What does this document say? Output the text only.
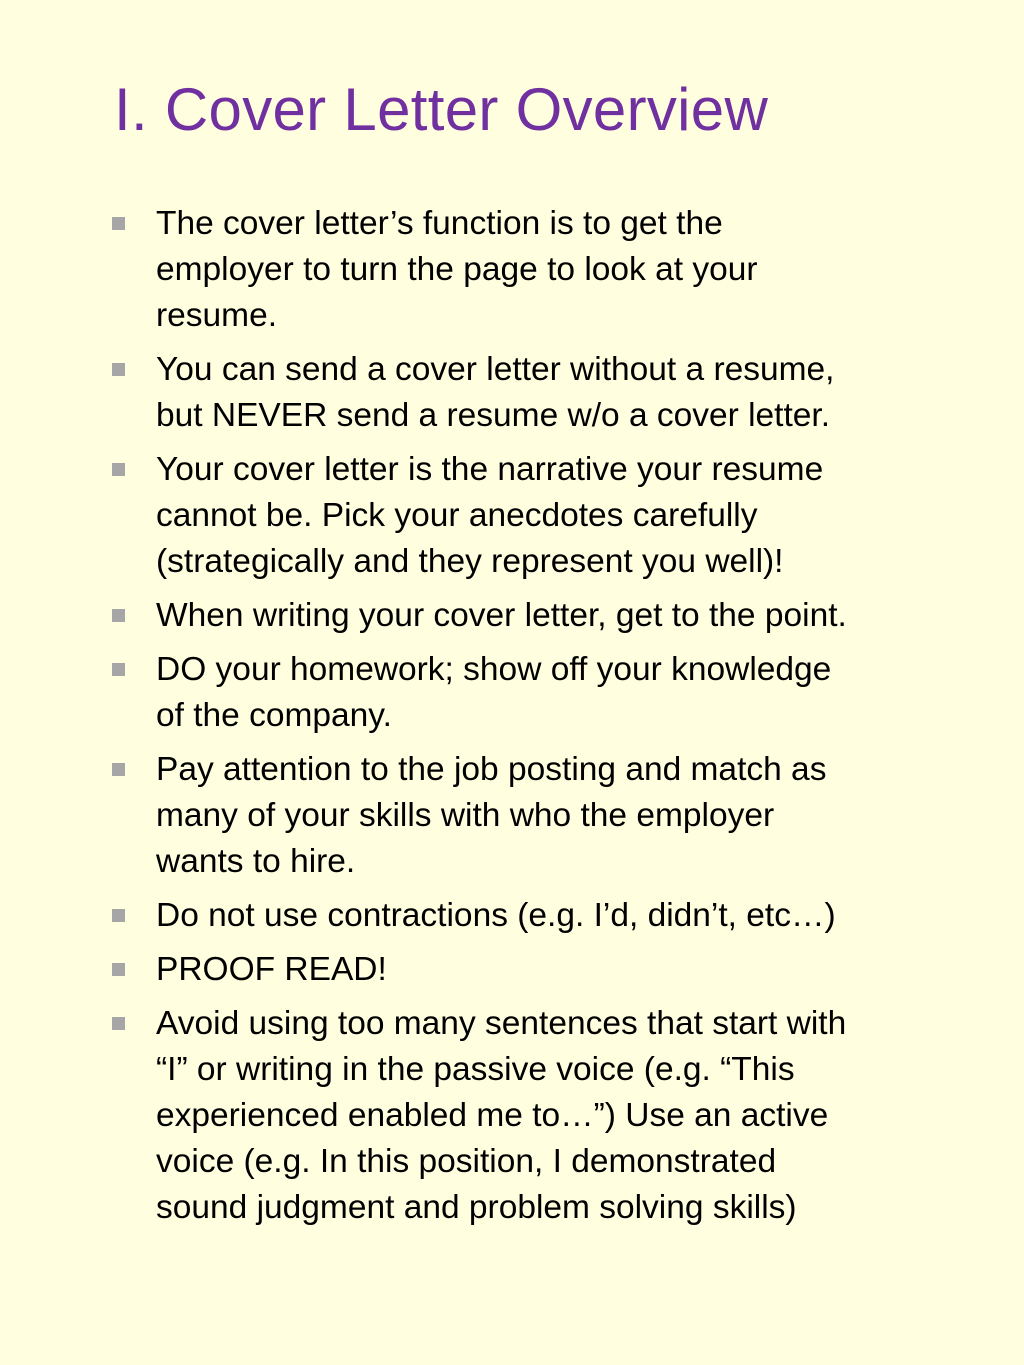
I. Cover Letter Overview
The cover letter’s function is to get the
employer to turn the page to look at your
resume.
You can send a cover letter without a resume,
but NEVER send a resume w/o a cover letter.
Your cover letter is the narrative your resume
cannot be. Pick your anecdotes carefully
(strategically and they represent you well)!
When writing your cover letter, get to the point.
DO your homework; show off your knowledge
of the company.
Pay attention to the job posting and match as
many of your skills with who the employer
wants to hire.
Do not use contractions (e.g. I’d, didn’t, etc…)
PROOF READ!
Avoid using too many sentences that start with
“I” or writing in the passive voice (e.g. “This
experienced enabled me to…”) Use an active
voice (e.g. In this position, I demonstrated
sound judgment and problem solving skills)
